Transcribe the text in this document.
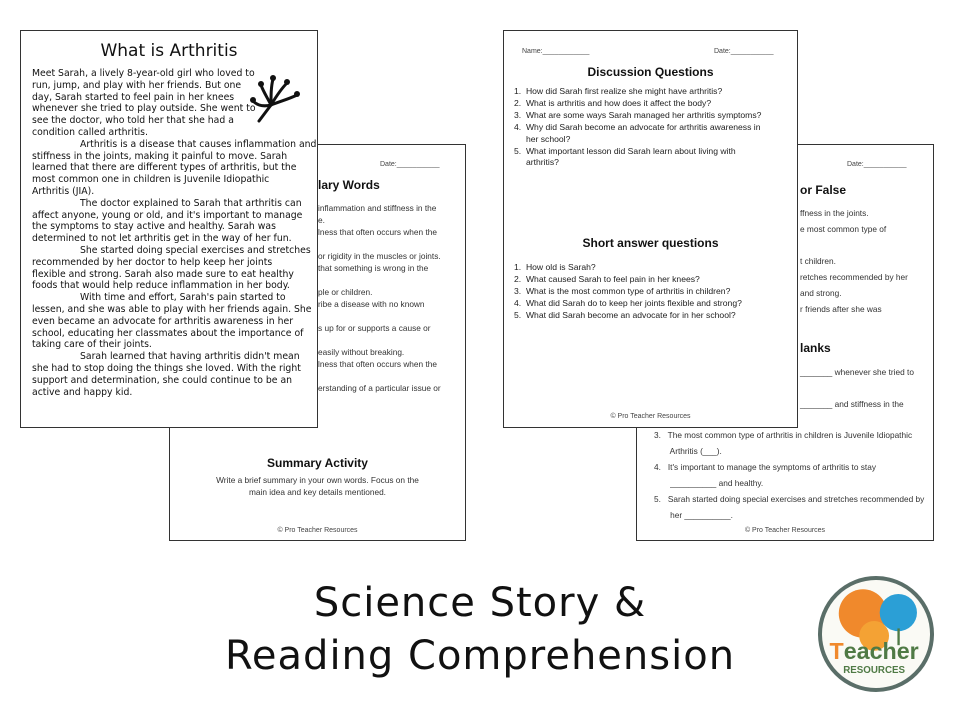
Date:___________
lary Words
Summary Activity
Write a brief summary in your own words. Focus on the
main idea and key details mentioned.
© Pro Teacher Resources
inflammation and stiffness in the
e.
lness that often occurs when the
or rigidity in the muscles or joints.
that something is wrong in the
ple or children.
ribe a disease with no known
s up for or supports a cause or
easily without breaking.
lness that often occurs when the
erstanding of a particular issue or
Date:___________
or False
lanks
_______ whenever she tried to
_______ and stiffness in the
© Pro Teacher Resources
ffness in the joints.
e most common type of
t children.
retches recommended by her
and strong.
r friends after she was
3.   The most common type of arthritis in children is Juvenile Idiopathic
Arthritis (___).
4.   It's important to manage the symptoms of arthritis to stay
__________ and healthy.
5.   Sarah started doing special exercises and stretches recommended by
her __________.
What is Arthritis
Meet Sarah, a lively 8-year-old girl who loved to
run, jump, and play with her friends. But one
day, Sarah started to feel pain in her knees
whenever she tried to play outside. She went to
see the doctor, who told her that she had a
condition called arthritis.
Arthritis is a disease that causes inflammation and
stiffness in the joints, making it painful to move. Sarah
learned that there are different types of arthritis, but the
most common one in children is Juvenile Idiopathic
Arthritis (JIA).
The doctor explained to Sarah that arthritis can
affect anyone, young or old, and it's important to manage
the symptoms to stay active and healthy. Sarah was
determined to not let arthritis get in the way of her fun.
She started doing special exercises and stretches
recommended by her doctor to help keep her joints
flexible and strong. Sarah also made sure to eat healthy
foods that would help reduce inflammation in her body.
With time and effort, Sarah's pain started to
lessen, and she was able to play with her friends again. She
even became an advocate for arthritis awareness in her
school, educating her classmates about the importance of
taking care of their joints.
Sarah learned that having arthritis didn't mean
she had to stop doing the things she loved. With the right
support and determination, she could continue to be an
active and happy kid.
Name:____________	Date:___________
Discussion Questions
1.  How did Sarah first realize she might have arthritis?
2.  What is arthritis and how does it affect the body?
3.  What are some ways Sarah managed her arthritis symptoms?
4.  Why did Sarah become an advocate for arthritis awareness in
her school?
5.  What important lesson did Sarah learn about living with
arthritis?
Short answer questions
1.  How old is Sarah?
2.  What caused Sarah to feel pain in her knees?
3.  What is the most common type of arthritis in children?
4.  What did Sarah do to keep her joints flexible and strong?
5.  What did Sarah become an advocate for in her school?
© Pro Teacher Resources
Science Story &
Reading Comprehension	Teacher
RESOURCES
